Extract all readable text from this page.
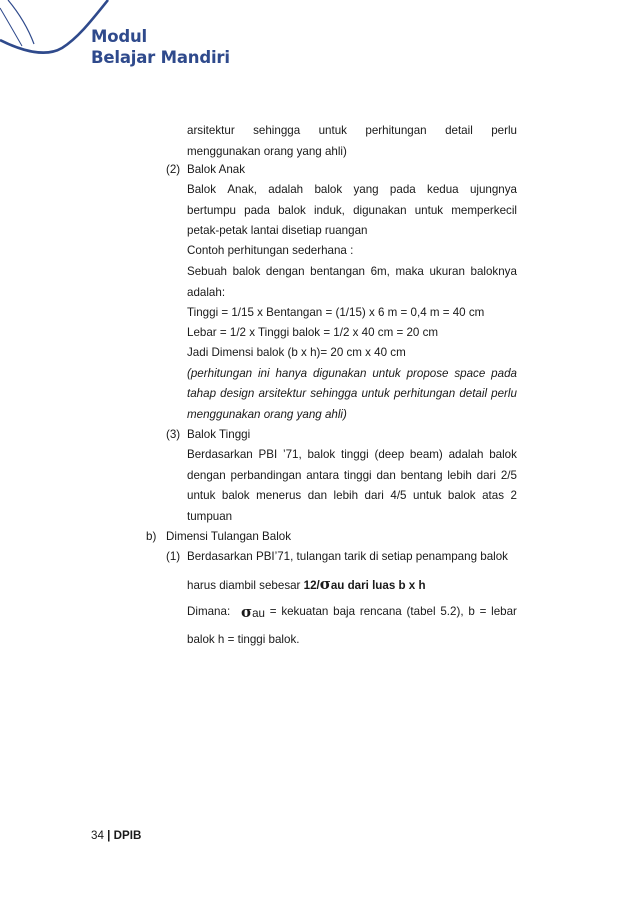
Modul
Belajar Mandiri
arsitektur sehingga untuk perhitungan detail perlu
menggunakan orang yang ahli)
(2) Balok Anak
Balok Anak, adalah balok yang pada kedua ujungnya
bertumpu pada balok induk, digunakan untuk memperkecil
petak-petak lantai disetiap ruangan
Contoh perhitungan sederhana :
Sebuah balok dengan bentangan 6m, maka ukuran baloknya
adalah:
Tinggi = 1/15 x Bentangan = (1/15) x 6 m = 0,4 m = 40 cm
Lebar = 1/2 x Tinggi balok = 1/2 x 40 cm = 20 cm
Jadi Dimensi balok (b x h)= 20 cm x 40 cm
(perhitungan ini hanya digunakan untuk propose space pada
tahap design arsitektur sehingga untuk perhitungan detail perlu
menggunakan orang yang ahli)
(3) Balok Tinggi
Berdasarkan PBI ’71, balok tinggi (deep beam) adalah balok
dengan perbandingan antara tinggi dan bentang lebih dari 2/5
untuk balok menerus dan lebih dari 4/5 untuk balok atas 2
tumpuan
b) Dimensi Tulangan Balok
(1) Berdasarkan PBI’71, tulangan tarik di setiap penampang balok
harus diambil sebesar 12/σau dari luas b x h
Dimana: σau = kekuatan baja rencana (tabel 5.2), b = lebar
balok h = tinggi balok.
34 | DPIB
